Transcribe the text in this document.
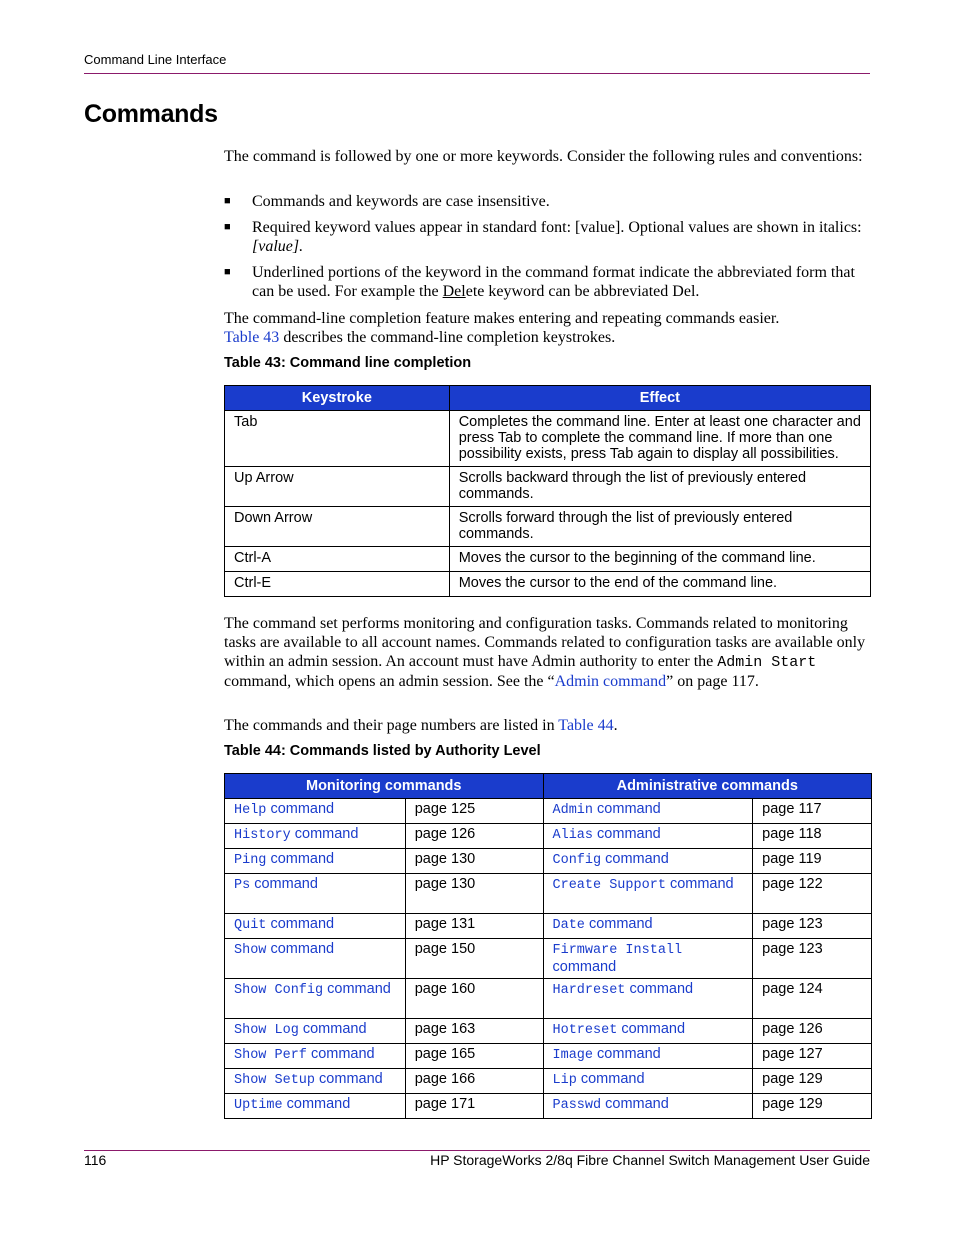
Command Line Interface
Commands
The command is followed by one or more keywords. Consider the following rules and conventions:
■ Commands and keywords are case insensitive.
■ Required keyword values appear in standard font: [value]. Optional values are shown in italics: [value].
■ Underlined portions of the keyword in the command format indicate the abbreviated form that can be used. For example the Delete keyword can be abbreviated Del.
The command-line completion feature makes entering and repeating commands easier.
Table 43 describes the command-line completion keystrokes.
Table 43: Command line completion
Keystroke	Effect
Tab	Completes the command line. Enter at least one character and press Tab to complete the command line. If more than one possibility exists, press Tab again to display all possibilities.
Up Arrow	Scrolls backward through the list of previously entered commands.
Down Arrow	Scrolls forward through the list of previously entered commands.
Ctrl-A	Moves the cursor to the beginning of the command line.
Ctrl-E	Moves the cursor to the end of the command line.
The command set performs monitoring and configuration tasks. Commands related to monitoring tasks are available to all account names. Commands related to configuration tasks are available only within an admin session. An account must have Admin authority to enter the Admin Start command, which opens an admin session. See the “Admin command” on page 117.
The commands and their page numbers are listed in Table 44.
Table 44: Commands listed by Authority Level
Monitoring commands		Administrative commands	
Help command	page 125	Admin command	page 117
History command	page 126	Alias command	page 118
Ping command	page 130	Config command	page 119
Ps command	page 130	Create Support command	page 122
Quit command	page 131	Date command	page 123
Show command	page 150	Firmware Install command	page 123
Show Config command	page 160	Hardreset command	page 124
Show Log command	page 163	Hotreset command	page 126
Show Perf command	page 165	Image command	page 127
Show Setup command	page 166	Lip command	page 129
Uptime command	page 171	Passwd command	page 129
116	HP StorageWorks 2/8q Fibre Channel Switch Management User Guide
